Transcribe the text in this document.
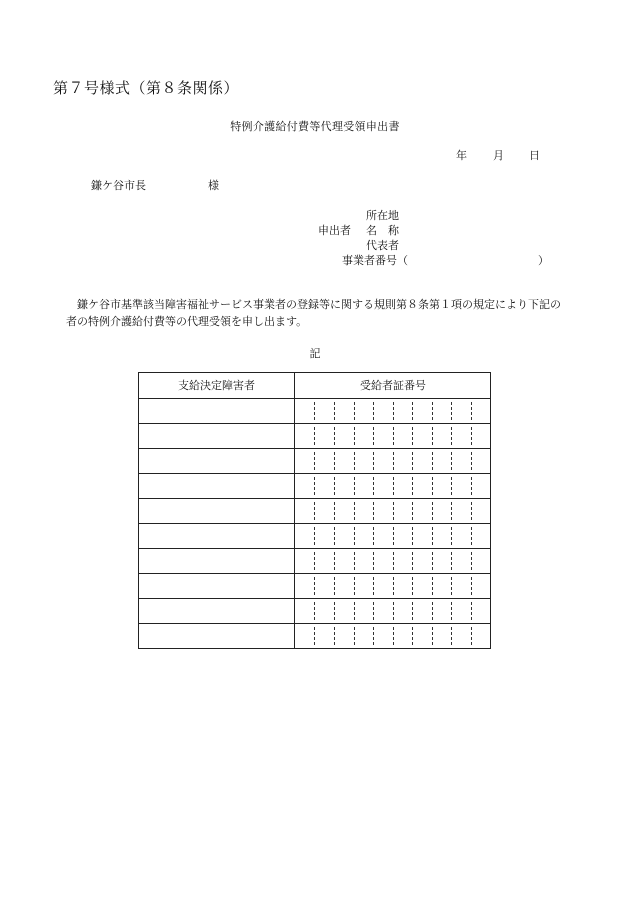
第７号様式（第８条関係）
特例介護給付費等代理受領申出書
年 月 日
鎌ケ谷市長	様
申出者
所在地
名　称
代表者
事業者番号（	）
鎌ケ谷市基準該当障害福祉サービス事業者の登録等に関する規則第８条第１項の規定により下記の者の特例介護給付費等の代理受領を申し出ます。
記
支給決定障害者	受給者証番号
